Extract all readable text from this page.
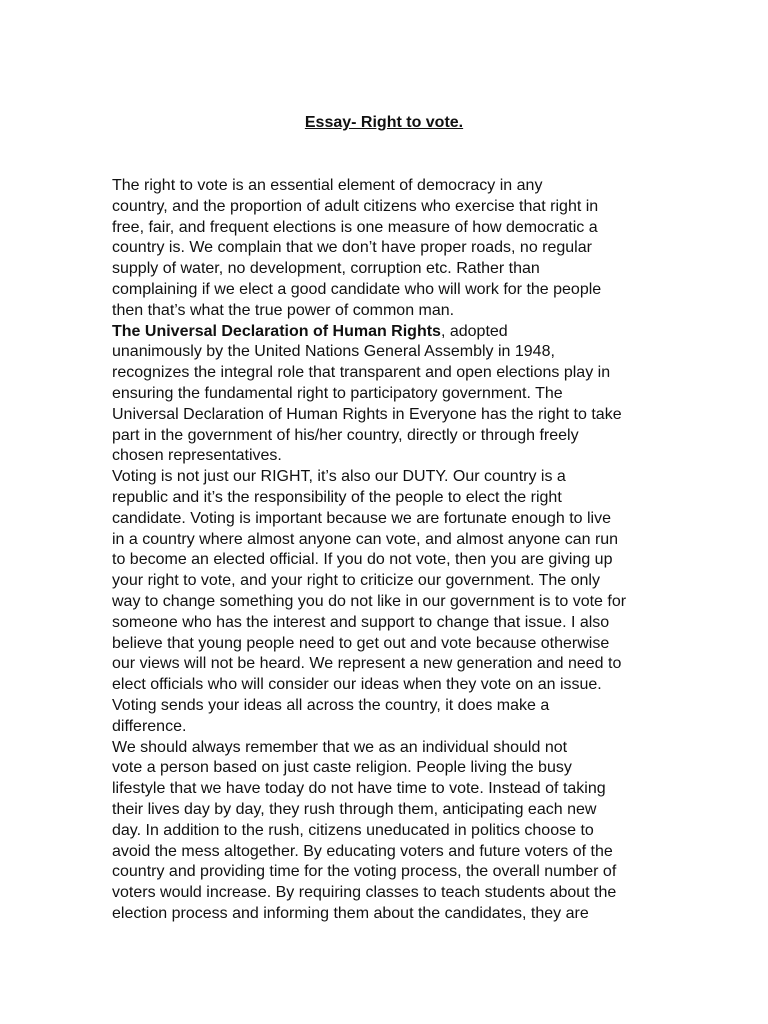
Essay- Right to vote.

The right to vote is an essential element of democracy in any
country, and the proportion of adult citizens who exercise that right in
free, fair, and frequent elections is one measure of how democratic a
country is. We complain that we don’t have proper roads, no regular
supply of water, no development, corruption etc. Rather than
complaining if we elect a good candidate who will work for the people
then that’s what the true power of common man.

The Universal Declaration of Human Rights, adopted
unanimously by the United Nations General Assembly in 1948,
recognizes the integral role that transparent and open elections play in
ensuring the fundamental right to participatory government. The
Universal Declaration of Human Rights in Everyone has the right to take
part in the government of his/her country, directly or through freely
chosen representatives.

Voting is not just our RIGHT, it’s also our DUTY. Our country is a
republic and it’s the responsibility of the people to elect the right
candidate. Voting is important because we are fortunate enough to live
in a country where almost anyone can vote, and almost anyone can run
to become an elected official. If you do not vote, then you are giving up
your right to vote, and your right to criticize our government. The only
way to change something you do not like in our government is to vote for
someone who has the interest and support to change that issue. I also
believe that young people need to get out and vote because otherwise
our views will not be heard. We represent a new generation and need to
elect officials who will consider our ideas when they vote on an issue.
Voting sends your ideas all across the country, it does make a
difference.

We should always remember that we as an individual should not
vote a person based on just caste religion. People living the busy
lifestyle that we have today do not have time to vote. Instead of taking
their lives day by day, they rush through them, anticipating each new
day. In addition to the rush, citizens uneducated in politics choose to
avoid the mess altogether. By educating voters and future voters of the
country and providing time for the voting process, the overall number of
voters would increase. By requiring classes to teach students about the
election process and informing them about the candidates, they are
